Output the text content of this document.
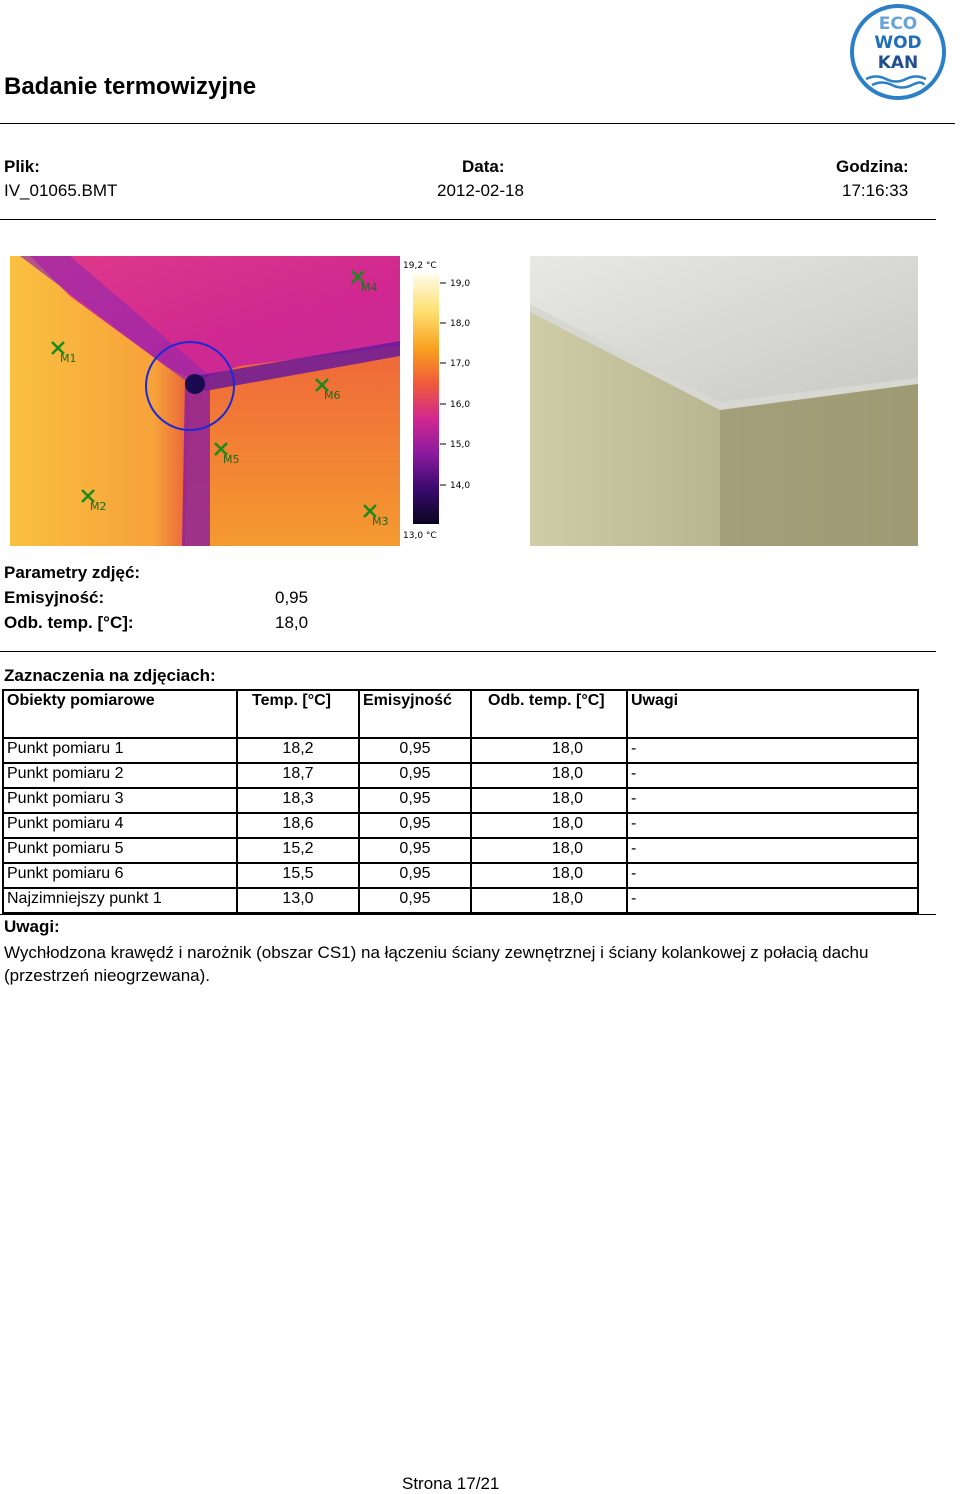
ECO
WOD
KAN
Badanie termowizyjne
Plik:
IV_01065.BMT
Data:
2012-02-18
Godzina:
17:16:33
M1
M2
M3
M4
M5
M6
19,2 °C
13,0 °C
19,0
18,0
17,0
16,0
15,0
14,0
Parametry zdjęć:
Emisyjność:	0,95
Odb. temp. [°C]:	18,0
Zaznaczenia na zdjęciach:
Obiekty pomiarowe	Temp. [°C]	Emisyjność	Odb. temp. [°C]	Uwagi
Punkt pomiaru 1	18,2	0,95	18,0	-
Punkt pomiaru 2	18,7	0,95	18,0	-
Punkt pomiaru 3	18,3	0,95	18,0	-
Punkt pomiaru 4	18,6	0,95	18,0	-
Punkt pomiaru 5	15,2	0,95	18,0	-
Punkt pomiaru 6	15,5	0,95	18,0	-
Najzimniejszy punkt 1	13,0	0,95	18,0	-
Uwagi:
Wychłodzona krawędź i narożnik (obszar CS1) na łączeniu ściany zewnętrznej i ściany kolankowej z połacią dachu (przestrzeń nieogrzewana).
Strona 17/21
